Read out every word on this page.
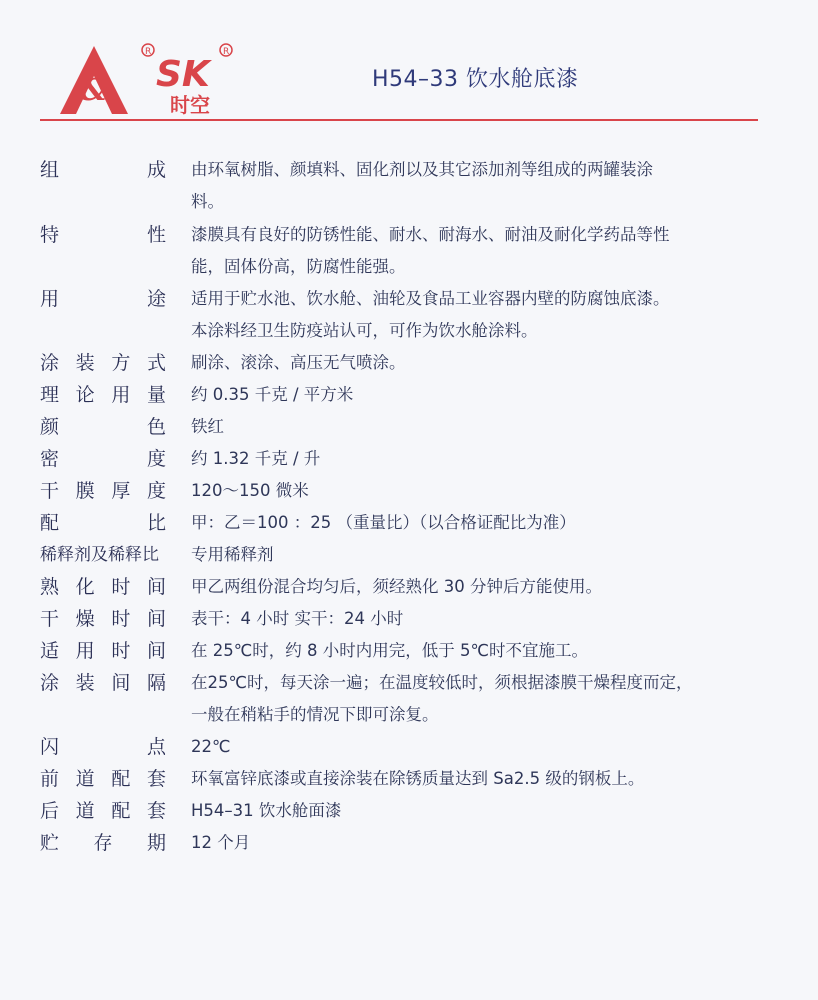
&
R	R
SK
时空
H54–33 饮水舱底漆
组	成 由环氧树脂、颜填料、固化剂以及其它添加剂等组成的两罐装涂
料。
特	性 漆膜具有良好的防锈性能、耐水、耐海水、耐油及耐化学药品等性
能，固体份高，防腐性能强。
用	途 适用于贮水池、饮水舱、油轮及食品工业容器内壁的防腐蚀底漆。
本涂料经卫生防疫站认可，可作为饮水舱涂料。
涂 装 方 式 刷涂、滚涂、高压无气喷涂。
理 论 用 量 约 0.35 千克 / 平方米
颜	色 铁红
密	度 约 1.32 千克 / 升
干 膜 厚 度 120～150 微米
配	比 甲：乙＝100 ：25 （重量比）（以合格证配比为准）
稀释剂及稀释比	专用稀释剂
熟 化 时 间 甲乙两组份混合均匀后，须经熟化 30 分钟后方能使用。
干 燥 时 间 表干：4 小时 实干：24 小时
适 用 时 间 在 25℃时，约 8 小时内用完，低于 5℃时不宜施工。
涂 装 间 隔 在25℃时，每天涂一遍；在温度较低时，须根据漆膜干燥程度而定，
一般在稍粘手的情况下即可涂复。
闪	点 22℃
前 道 配 套 环氧富锌底漆或直接涂装在除锈质量达到 Sa2.5 级的钢板上。
后 道 配 套 H54–31 饮水舱面漆
贮 存 期 12 个月
